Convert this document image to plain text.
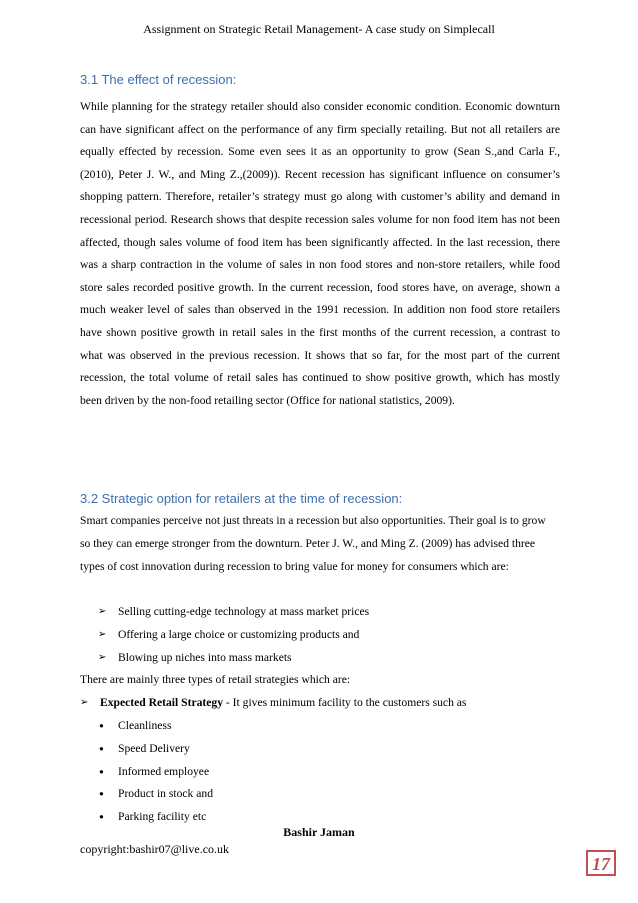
Assignment on Strategic Retail Management- A case study on Simplecall
3.1 The effect of recession:
While planning for the strategy retailer should also consider economic condition. Economic downturn can have significant affect on the performance of any firm specially retailing. But not all retailers are equally effected by recession. Some even sees it as an opportunity to grow (Sean S.,and Carla F., (2010), Peter J. W., and Ming Z.,(2009)). Recent recession has significant influence on consumer’s shopping pattern. Therefore, retailer’s strategy must go along with customer’s ability and demand in recessional period. Research shows that despite recession sales volume for non food item has not been affected, though sales volume of food item has been significantly affected. In the last recession, there was a sharp contraction in the volume of sales in non food stores and non-store retailers, while food store sales recorded positive growth. In the current recession, food stores have, on average, shown a much weaker level of sales than observed in the 1991 recession. In addition non food store retailers have shown positive growth in retail sales in the first months of the current recession, a contrast to what was observed in the previous recession. It shows that so far, for the most part of the current recession, the total volume of retail sales has continued to show positive growth, which has mostly been driven by the non-food retailing sector (Office for national statistics, 2009).
3.2 Strategic option for retailers at the time of recession:
Smart companies perceive not just threats in a recession but also opportunities. Their goal is to grow so they can emerge stronger from the downturn. Peter J. W., and Ming Z. (2009) has advised three types of cost innovation during recession to bring value for money for consumers which are:
➢ Selling cutting-edge technology at mass market prices
➢ Offering a large choice or customizing products and
➢ Blowing up niches into mass markets
There are mainly three types of retail strategies which are:
➢ Expected Retail Strategy - It gives minimum facility to the customers such as
• Cleanliness
• Speed Delivery
• Informed employee
• Product in stock and
• Parking facility etc
Bashir Jaman
copyright:bashir07@live.co.uk
17
